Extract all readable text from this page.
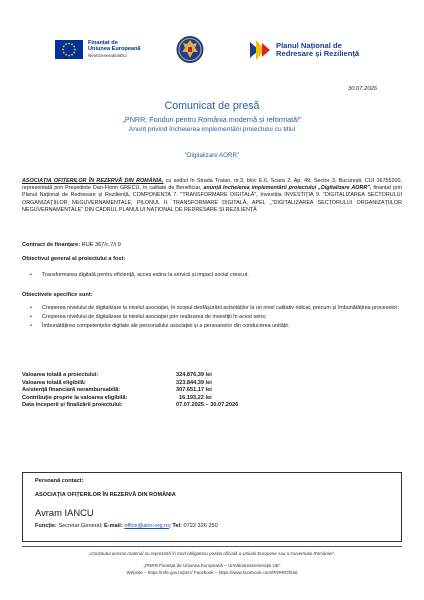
Finanțat de
Uniunea Europeană
NextGenerationEU
Planul Național de
Redresare și Reziliență
30.07.2026
Comunicat de presă
„PNRR: Fonduri pentru România modernă și reformată!”
Anunț privind încheierea implementării proiectului cu titlul
“Digitalizare AORR”
ASOCIAȚIA OFIȚERILOR ÎN REZERVĂ DIN ROMÂNIA, cu sediul în Strada Traian, nr.3, bloc E.6, Scara 2, Ap. 49, Sector 3, București, CUI 16755200, reprezentată prin Președinte Dan-Florin GRECU, în calitate de Beneficiar, anunță încheierea implementării proiectului „Digitalizare AORR”, finanțat prin Planul Național de Redresare și Reziliență, COMPONENTA 7. "TRANSFORMARE DIGITALĂ", Investiția INVESTIȚIA 9. "DIGITALIZAREA SECTORULUI ORGANIZAȚIILOR NEGUVERNAMENTALE, PILONUL II. TRANSFORMARE DIGITALĂ, APEL „"DIGITALIZAREA SECTORULUI ORGANIZAȚIILOR NEGUVERNAMENTALE" DIN CADRUL PLANULUI NAȚIONAL DE REDRESARE ȘI REZILIENȚĂ
Contract de finanțare: RUE 367/c.7/i.9
Obiectivul general al proiectului a fost:
• Transformarea digitală pentru eficiență, acces extins la servicii și impact social crescut.
Obiectivele specifice sunt:
• Creșterea nivelului de digitalizare la nivelul asociației, în scopul desfășurării activităților la un nivel calitativ ridicat, precum și îmbunătățirea proceselor;
• Creșterea nivelului de digitalizare la nivelul asociației prin realizarea de investiții în acest sens;
• Îmbunătățirea competențelor digitale ale personalului asociației și a persoanelor din conducerea unității.
Valoarea totală a proiectului:	324.876,39 lei
Valoarea totală eligibilă:	323.844,39 lei
Asistență financiară nerambursabilă:	307.651,17 lei
Contribuție proprie la valoarea eligibilă:	16.193,22 lei
Data începerii și finalizării proiectului:	07.07.2025 – 30.07.2026
Persoană contact:
ASOCIAȚIA OFIȚERILOR ÎN REZERVĂ DIN ROMÂNIA
Avram IANCU
Funcție: Secretar General; E-mail: office@aorr.org.ro; Tel: 0722 326 250
„Conținutul acestui material nu reprezintă în mod obligatoriu poziția oficială a Uniunii Europene sau a Guvernului României”.
„PNRR.Finanțat de Uniunea Europeană – UrmătoareaGenerație UE”
Website – https://mfe.gov.ro/pnrr/ Facebook – https://www.facebook.com/PNRROficial
